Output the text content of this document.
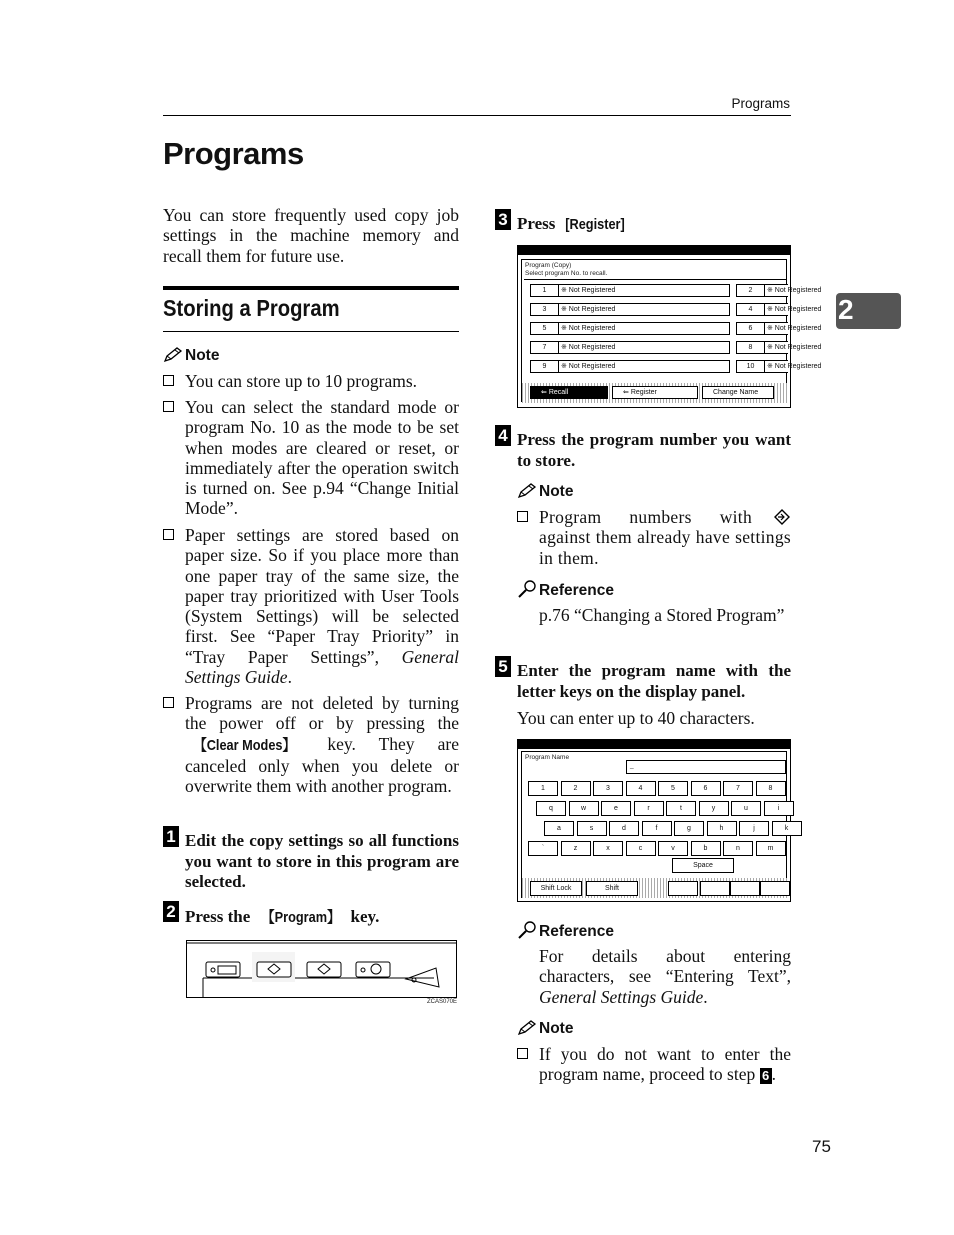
Programs
2
Programs
You can store frequently used copy job settings in the machine memory and recall them for future use.
Storing a Program
Note
You can store up to 10 programs.
You can select the standard mode or program No. 10 as the mode to be set when modes are cleared or reset, or immediately after the operation switch is turned on. See p.94 “Change Initial Mode”.
Paper settings are stored based on paper size. So if you place more than one paper tray of the same size, the paper tray prioritized with User Tools (System Settings) will be selected first. See “Paper Tray Priority” in “Tray Paper Settings”, General Settings Guide.
Programs are not deleted by turning the power off or by pressing the 【Clear Modes】 key. They are canceled only when you delete or overwrite them with another program.
1 Edit the copy settings so all functions you want to store in this program are selected.
2 Press the 【Program】 key.
ZCAS070E
3 Press [Register]
Program (Copy)
Select program No. to recall.
1 ※ Not Registered	2 ※ Not Registered
3 ※ Not Registered	4 ※ Not Registered
5 ※ Not Registered	6 ※ Not Registered
7 ※ Not Registered	8 ※ Not Registered
9 ※ Not Registered	10 ※ Not Registered
⇐ Recall	⇐ Register	Change Name
4 Press the program number you want to store.
Note
Program numbers with  against them already have settings in them.
Reference
p.76 “Changing a Stored Program”
5 Enter the program name with the letter keys on the display panel.
You can enter up to 40 characters.
Program Name
_
1	2	3	4	5	6	7	8
q	w	e	r	t	y	u	i
a	s	d	f	g	h	j	k
`	z	x	c	v	b	n	m
Space
Shift Lock	Shift
Reference
For details about entering characters, see “Entering Text”, General Settings Guide.
Note
If you do not want to enter the program name, proceed to step 6 .
75
